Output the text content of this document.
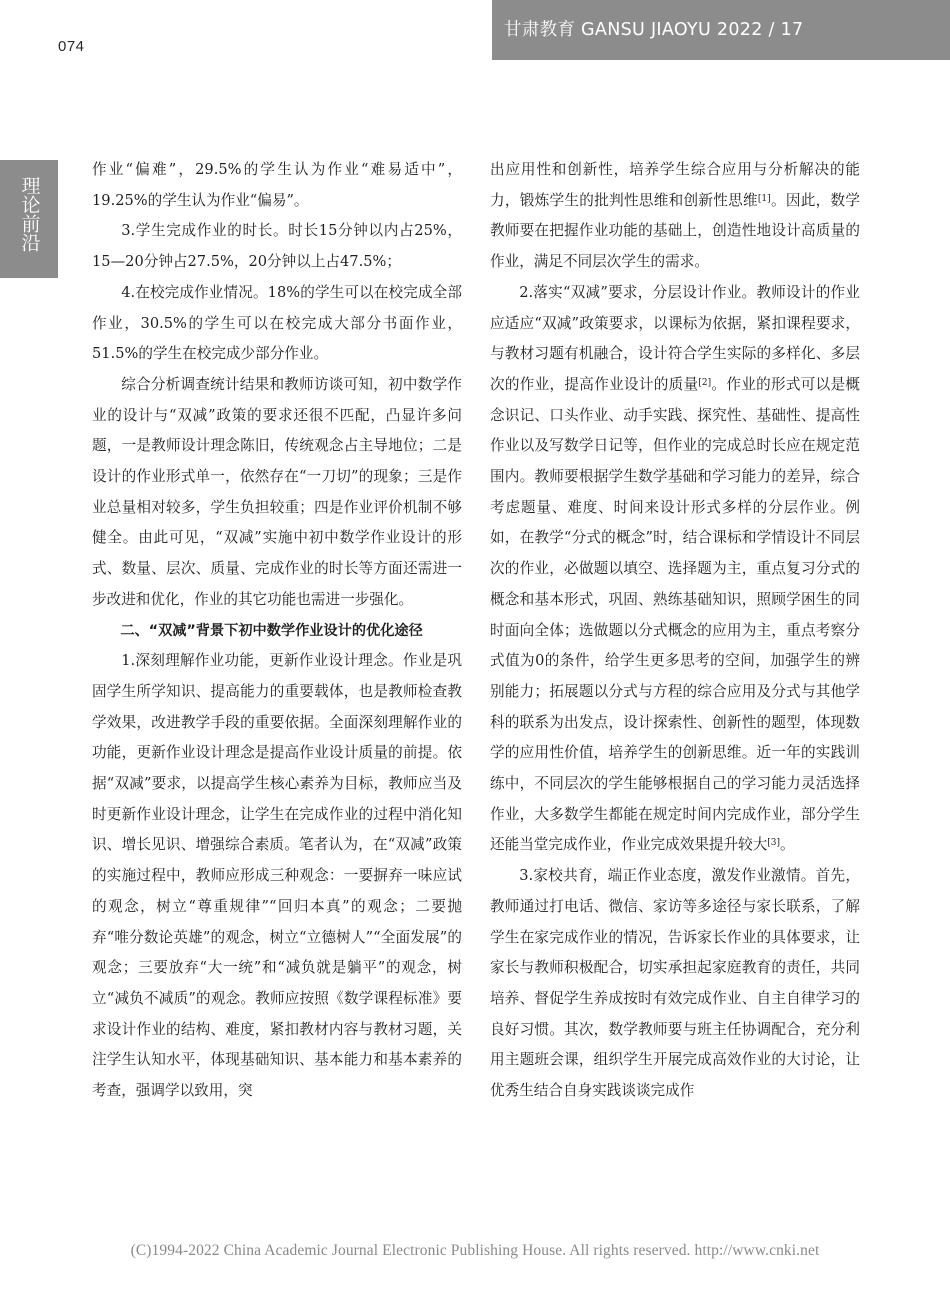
074
甘肃教育 GANSU JIAOYU 2022 / 17
理论前沿

作业“偏难”，29.5%的学生认为作业“难易适中”，19.25%的学生认为作业“偏易”。

3.学生完成作业的时长。时长15分钟以内占25%，15—20分钟占27.5%，20分钟以上占47.5%；

4.在校完成作业情况。18%的学生可以在校完成全部作业，30.5%的学生可以在校完成大部分书面作业，51.5%的学生在校完成少部分作业。

综合分析调查统计结果和教师访谈可知，初中数学作业的设计与“双减”政策的要求还很不匹配，凸显许多问题，一是教师设计理念陈旧，传统观念占主导地位；二是设计的作业形式单一，依然存在“一刀切”的现象；三是作业总量相对较多，学生负担较重；四是作业评价机制不够健全。由此可见，“双减”实施中初中数学作业设计的形式、数量、层次、质量、完成作业的时长等方面还需进一步改进和优化，作业的其它功能也需进一步强化。

二、“双减”背景下初中数学作业设计的优化途径

1.深刻理解作业功能，更新作业设计理念。作业是巩固学生所学知识、提高能力的重要载体，也是教师检查教学效果，改进教学手段的重要依据。全面深刻理解作业的功能，更新作业设计理念是提高作业设计质量的前提。依据“双减”要求，以提高学生核心素养为目标，教师应当及时更新作业设计理念，让学生在完成作业的过程中消化知识、增长见识、增强综合素质。笔者认为，在“双减”政策的实施过程中，教师应形成三种观念：一要摒弃一味应试的观念，树立“尊重规律”“回归本真”的观念；二要抛弃“唯分数论英雄”的观念，树立“立德树人”“全面发展”的观念；三要放弃“大一统”和“减负就是躺平”的观念，树立“减负不减质”的观念。教师应按照《数学课程标准》要求设计作业的结构、难度，紧扣教材内容与教材习题，关注学生认知水平，体现基础知识、基本能力和基本素养的考查，强调学以致用，突

出应用性和创新性，培养学生综合应用与分析解决的能力，锻炼学生的批判性思维和创新性思维[1]。因此，数学教师要在把握作业功能的基础上，创造性地设计高质量的作业，满足不同层次学生的需求。

2.落实“双减”要求，分层设计作业。教师设计的作业应适应“双减”政策要求，以课标为依据，紧扣课程要求，与教材习题有机融合，设计符合学生实际的多样化、多层次的作业，提高作业设计的质量[2]。作业的形式可以是概念识记、口头作业、动手实践、探究性、基础性、提高性作业以及写数学日记等，但作业的完成总时长应在规定范围内。教师要根据学生数学基础和学习能力的差异，综合考虑题量、难度、时间来设计形式多样的分层作业。例如，在教学“分式的概念”时，结合课标和学情设计不同层次的作业，必做题以填空、选择题为主，重点复习分式的概念和基本形式，巩固、熟练基础知识，照顾学困生的同时面向全体；选做题以分式概念的应用为主，重点考察分式值为0的条件，给学生更多思考的空间，加强学生的辨别能力；拓展题以分式与方程的综合应用及分式与其他学科的联系为出发点，设计探索性、创新性的题型，体现数学的应用性价值，培养学生的创新思维。近一年的实践训练中，不同层次的学生能够根据自己的学习能力灵活选择作业，大多数学生都能在规定时间内完成作业，部分学生还能当堂完成作业，作业完成效果提升较大[3]。

3.家校共育，端正作业态度，激发作业激情。首先，教师通过打电话、微信、家访等多途径与家长联系，了解学生在家完成作业的情况，告诉家长作业的具体要求，让家长与教师积极配合，切实承担起家庭教育的责任，共同培养、督促学生养成按时有效完成作业、自主自律学习的良好习惯。其次，数学教师要与班主任协调配合，充分利用主题班会课，组织学生开展完成高效作业的大讨论，让优秀生结合自身实践谈谈完成作

(C)1994-2022 China Academic Journal Electronic Publishing House. All rights reserved. http://www.cnki.net
